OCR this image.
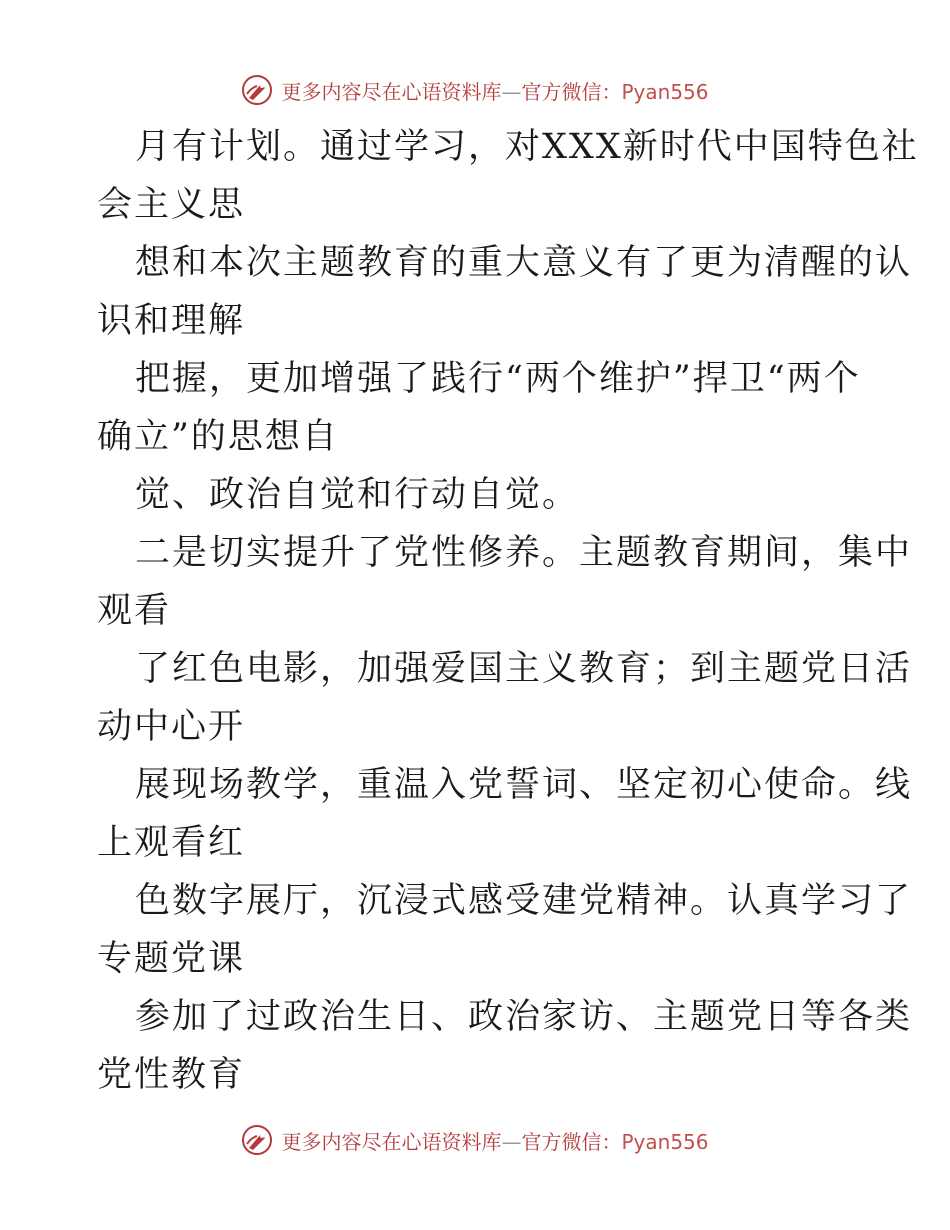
更多内容尽在心语资料库—官方微信：Pyan556

月有计划。通过学习，对XXX新时代中国特色社
会主义思

想和本次主题教育的重大意义有了更为清醒的认
识和理解

把握，更加增强了践行“两个维护”捍卫“两个
确立”的思想自

觉、政治自觉和行动自觉。

二是切实提升了党性修养。主题教育期间，集中
观看

了红色电影，加强爱国主义教育；到主题党日活
动中心开

展现场教学，重温入党誓词、坚定初心使命。线
上观看红

色数字展厅，沉浸式感受建党精神。认真学习了
专题党课

参加了过政治生日、政治家访、主题党日等各类
党性教育

更多内容尽在心语资料库—官方微信：Pyan556
